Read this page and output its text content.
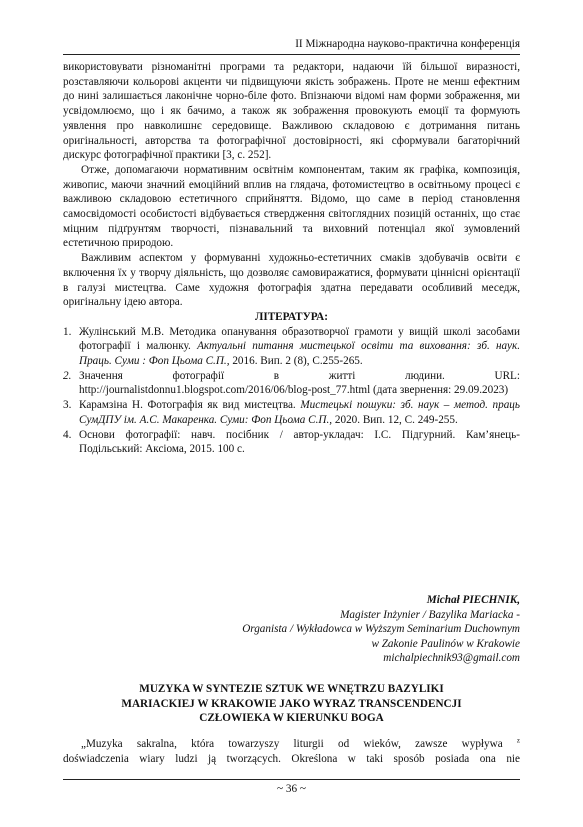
ІІ Міжнародна науково-практична конференція

використовувати різноманітні програми та редактори, надаючи їй більшої виразності, розставляючи кольорові акценти чи підвищуючи якість зображень. Проте не менш ефектним до нині залишається лаконічне чорно-біле фото. Впізнаючи відомі нам форми зображення, ми усвідомлюємо, що і як бачимо, а також як зображення провокують емоції та формують уявлення про навколишнє середовище. Важливою складовою є дотримання питань оригінальності, авторства та фотографічної достовірності, які сформували багаторічний дискурс фотографічної практики [3, с. 252].

Отже, допомагаючи нормативним освітнім компонентам, таким як графіка, композиція, живопис, маючи значний емоційний вплив на глядача, фотомистецтво в освітньому процесі є важливою складовою естетичного сприйняття. Відомо, що саме в період становлення самосвідомості особистості відбувається ствердження світоглядних позицій останніх, що стає міцним підґрунтям творчості, пізнавальний та виховний потенціал якої зумовлений естетичною природою.

Важливим аспектом у формуванні художньо-естетичних смаків здобувачів освіти є включення їх у творчу діяльність, що дозволяє самовиражатися, формувати ціннісні орієнтації в галузі мистецтва. Саме художня фотографія здатна передавати особливий меседж, оригінальну ідею автора.

ЛІТЕРАТУРА:

1. Жулінський М.В. Методика опанування образотворчої грамоти у вищій школі засобами фотографії і малюнку. Актуальні питання мистецької освіти та виховання: зб. наук. Праць. Суми : Фоп Цьома С.П., 2016. Вип. 2 (8), С.255-265.
2. Значення фотографії в житті людини. URL: http://journalistdonnu1.blogspot.com/2016/06/blog-post_77.html (дата звернення: 29.09.2023)
3. Карамзіна Н. Фотографія як вид мистецтва. Мистецькі пошуки: зб. наук – метод. праць СумДПУ ім. А.С. Макаренка. Суми: Фоп Цьома С.П., 2020. Вип. 12, С. 249-255.
4. Основи фотографії: навч. посібник / автор-укладач: І.С. Підгурний. Кам’янець-Подільський: Аксіома, 2015. 100 с.
Michał PIECHNIK,
Magister Inżynier / Bazylika Mariacka -
Organista / Wykładowca w Wyższym Seminarium Duchownym
w Zakonie Paulinów w Krakowie
michalpiechnik93@gmail.com
MUZYKA W SYNTEZIE SZTUK WE WNĘTRZU BAZYLIKI
MARIACKIEJ W KRAKOWIE JAKO WYRAZ TRANSCENDENCJI
CZŁOWIEKA W KIERUNKU BOGA
„Muzyka sakralna, która towarzyszy liturgii od wieków, zawsze wypływa $^z$
doświadczenia wiary ludzi ją tworzących. Określona w taki sposób posiada ona nie
~ 36 ~
